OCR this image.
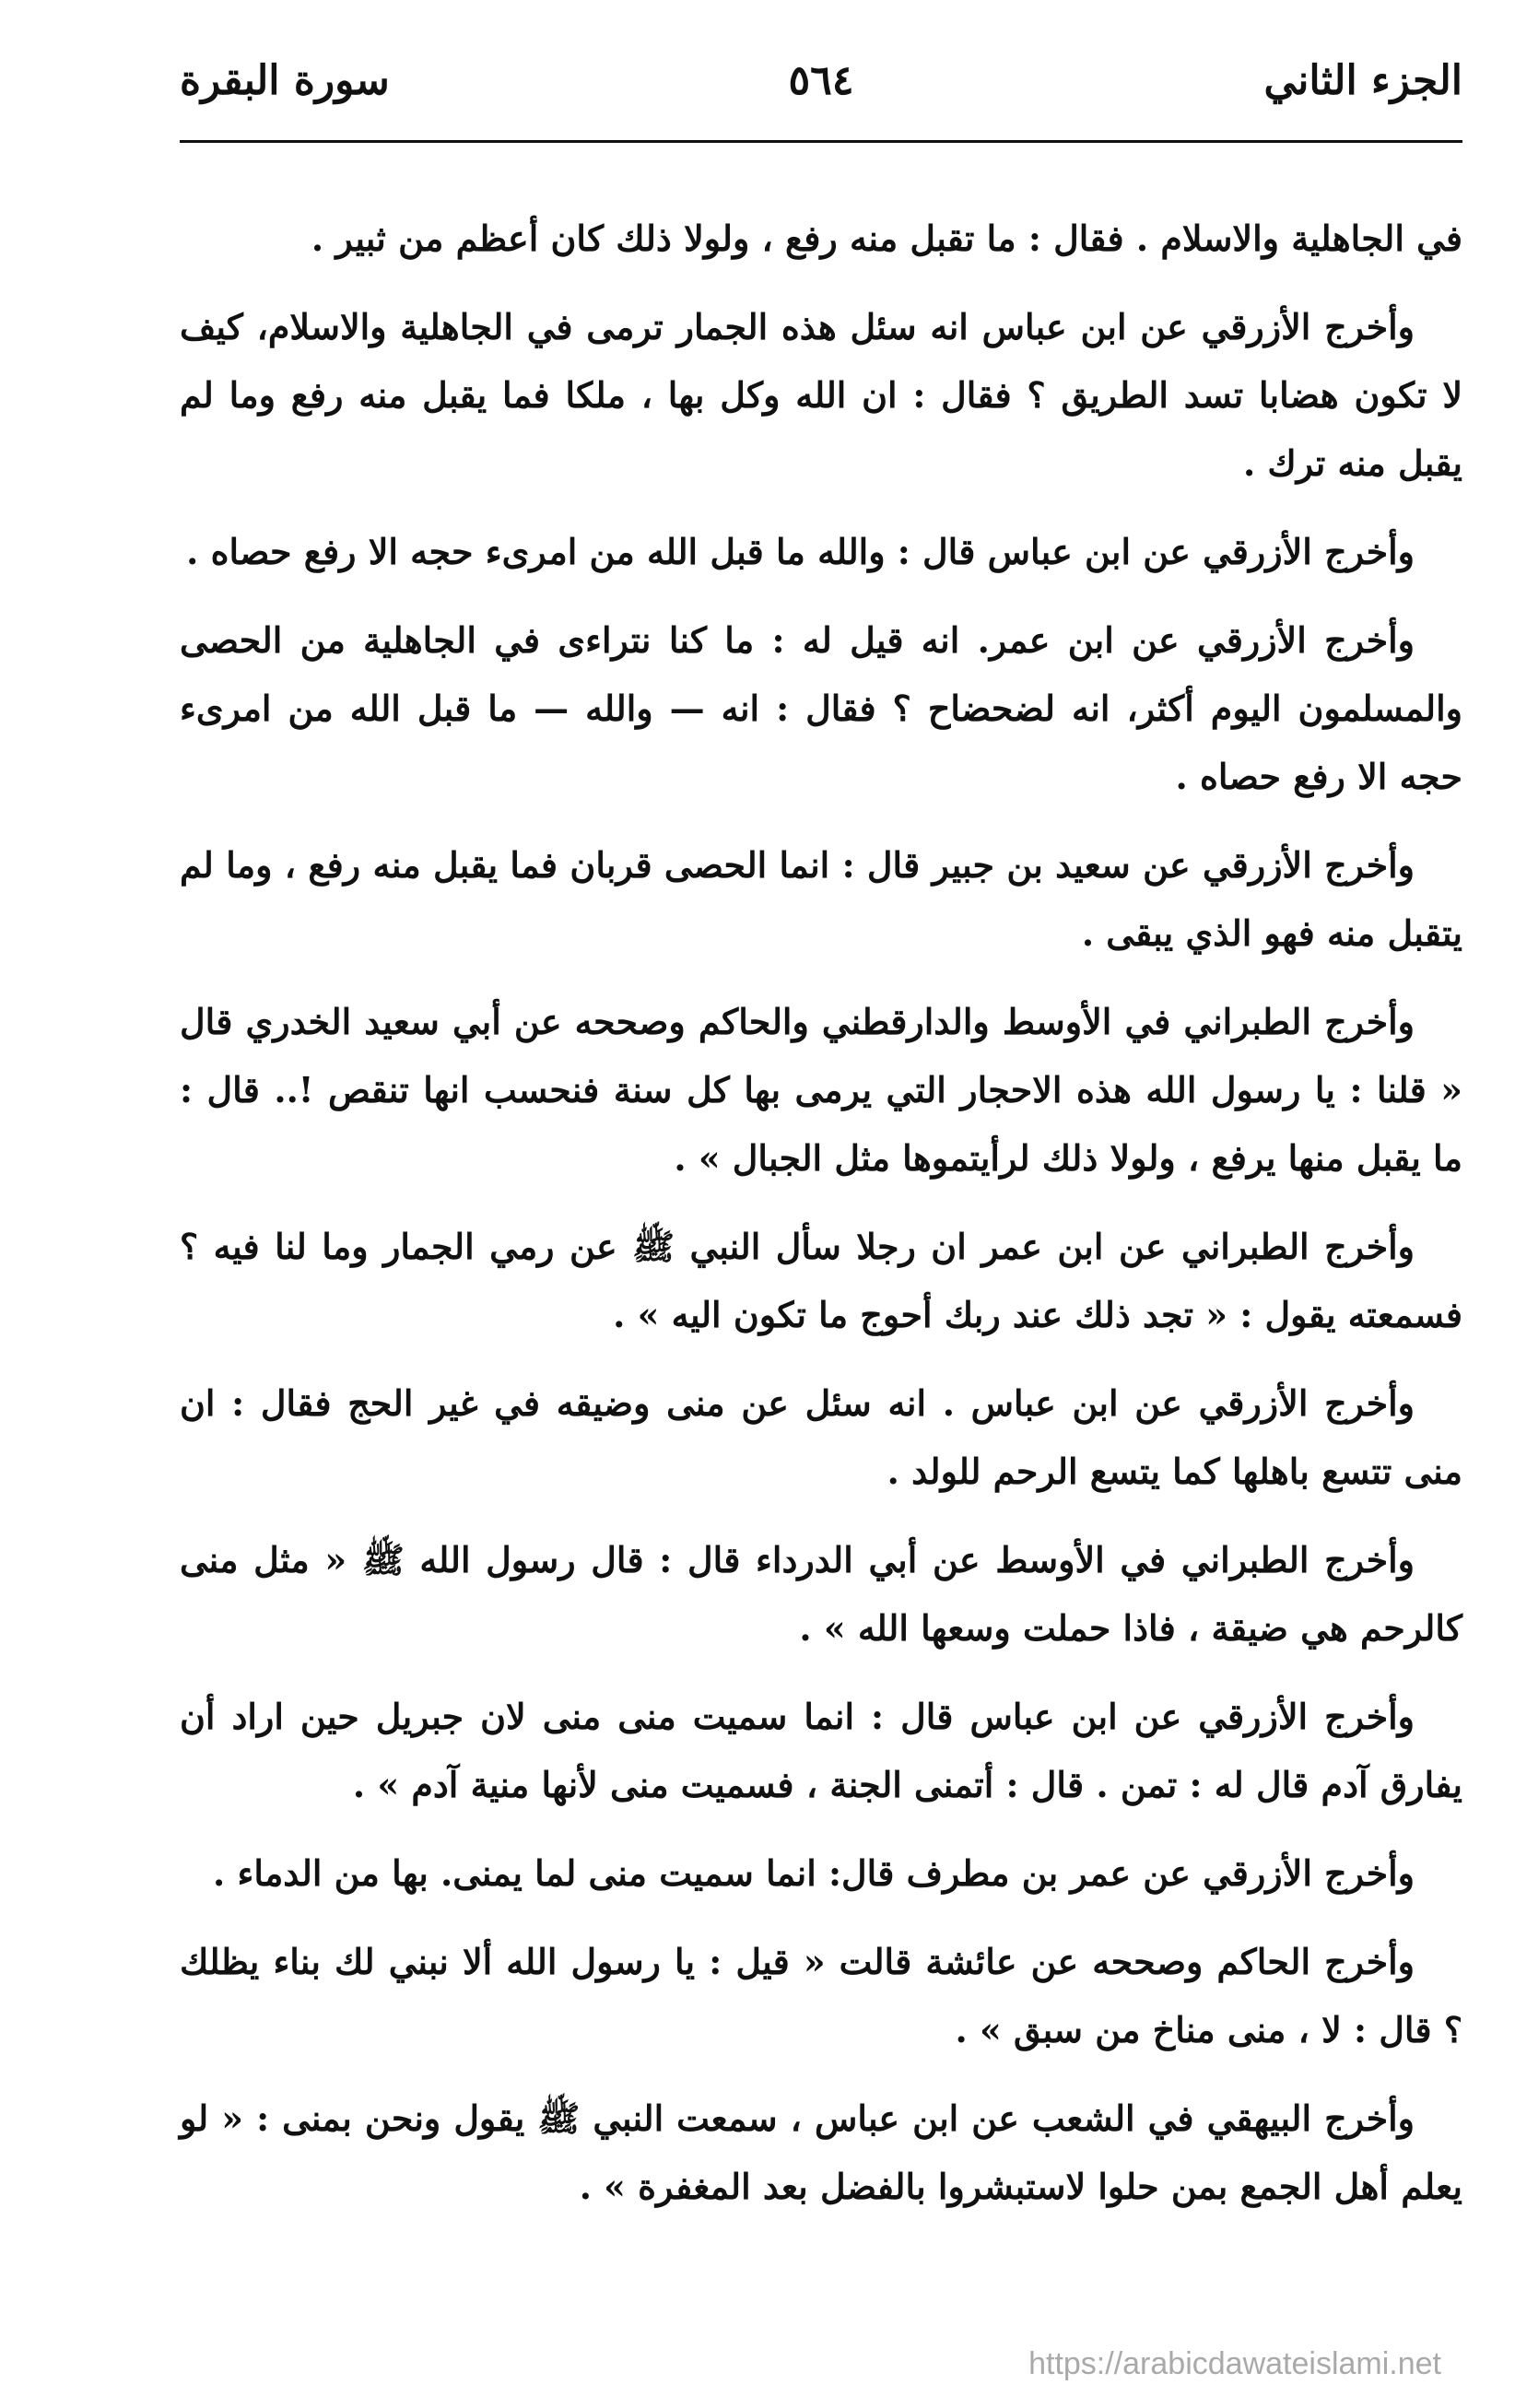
الجزء الثاني
٥٦٤
سورة البقرة

في الجاهلية والاسلام . فقال : ما تقبل منه رفع ، ولولا ذلك كان أعظم من ثبير .

وأخرج الأزرقي عن ابن عباس انه سئل هذه الجمار ترمى في الجاهلية والاسلام، كيف لا تكون هضابا تسد الطريق ؟ فقال : ان الله وكل بها ، ملكا فما يقبل منه رفع وما لم يقبل منه ترك .

وأخرج الأزرقي عن ابن عباس قال : والله ما قبل الله من امرىء حجه الا رفع حصاه .

وأخرج الأزرقي عن ابن عمر. انه قيل له : ما كنا نتراءى في الجاهلية من الحصى والمسلمون اليوم أكثر، انه لضحضاح ؟ فقال : انه — والله — ما قبل الله من امرىء حجه الا رفع حصاه .

وأخرج الأزرقي عن سعيد بن جبير قال : انما الحصى قربان فما يقبل منه رفع ، وما لم يتقبل منه فهو الذي يبقى .

وأخرج الطبراني في الأوسط والدارقطني والحاكم وصححه عن أبي سعيد الخدري قال « قلنا : يا رسول الله هذه الاحجار التي يرمى بها كل سنة فنحسب انها تنقص !.. قال : ما يقبل منها يرفع ، ولولا ذلك لرأيتموها مثل الجبال » .

وأخرج الطبراني عن ابن عمر ان رجلا سأل النبي ﷺ عن رمي الجمار وما لنا فيه ؟ فسمعته يقول : « تجد ذلك عند ربك أحوج ما تكون اليه » .

وأخرج الأزرقي عن ابن عباس . انه سئل عن منى وضيقه في غير الحج فقال : ان منى تتسع باهلها كما يتسع الرحم للولد .

وأخرج الطبراني في الأوسط عن أبي الدرداء قال : قال رسول الله ﷺ « مثل منى كالرحم هي ضيقة ، فاذا حملت وسعها الله » .

وأخرج الأزرقي عن ابن عباس قال : انما سميت منى منى لان جبريل حين اراد أن يفارق آدم قال له : تمن . قال : أتمنى الجنة ، فسميت منى لأنها منية آدم » .

وأخرج الأزرقي عن عمر بن مطرف قال: انما سميت منى لما يمنى. بها من الدماء .

وأخرج الحاكم وصححه عن عائشة قالت « قيل : يا رسول الله ألا نبني لك بناء يظلك ؟ قال : لا ، منى مناخ من سبق » .

وأخرج البيهقي في الشعب عن ابن عباس ، سمعت النبي ﷺ يقول ونحن بمنى : « لو يعلم أهل الجمع بمن حلوا لاستبشروا بالفضل بعد المغفرة » .

https://arabicdawateislami.net
